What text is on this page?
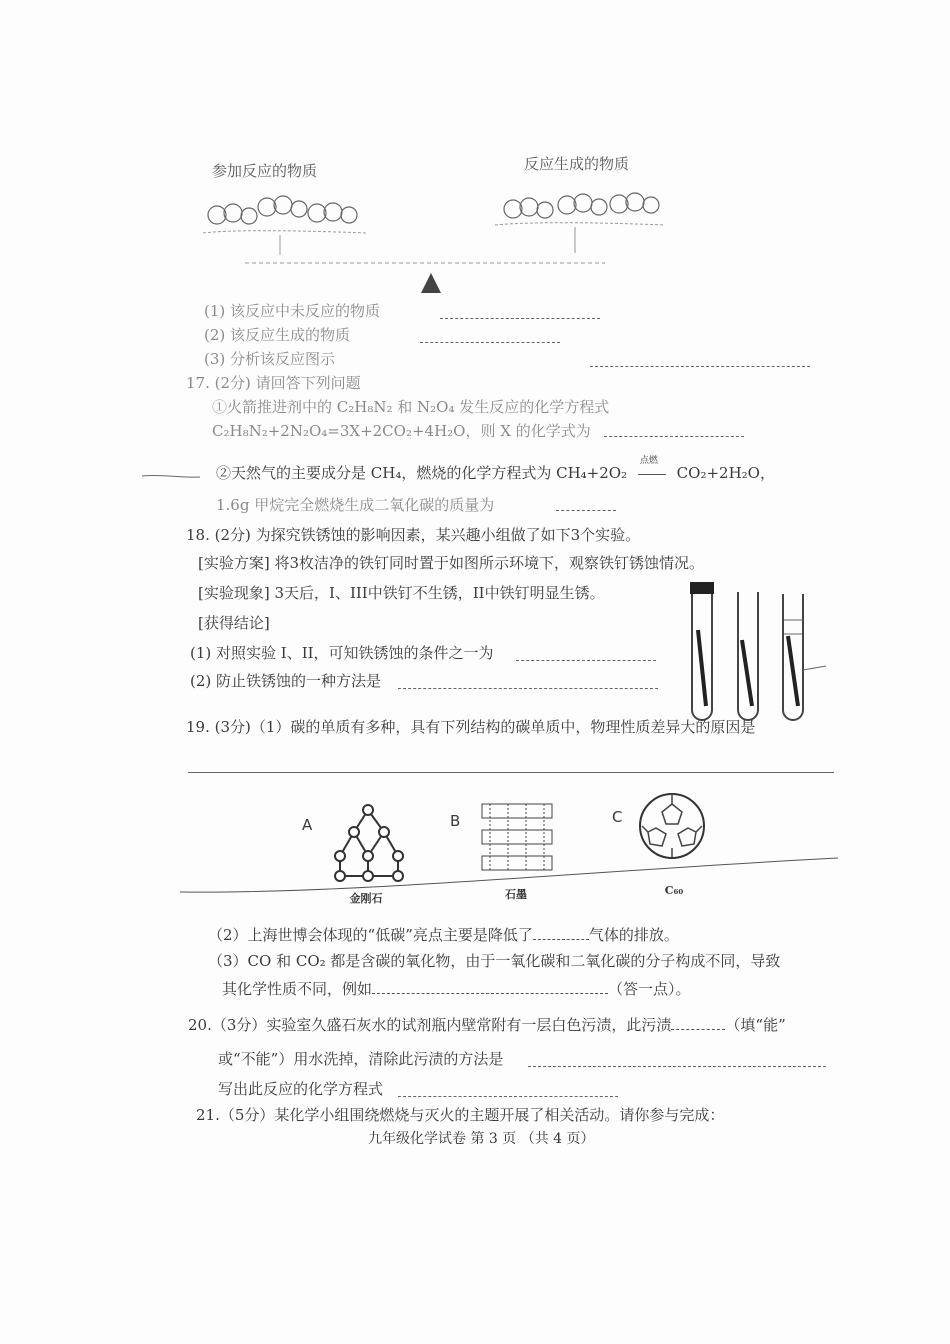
参加反应的物质	反应生成的物质
(1) 该反应中未反应的物质
(2) 该反应生成的物质
(3) 分析该反应图示
17. (2分) 请回答下列问题
①火箭推进剂中的 C₂H₈N₂ 和 N₂O₄ 发生反应的化学方程式
C₂H₈N₂+2N₂O₄=3X+2CO₂+4H₂O，则 X 的化学式为
②天然气的主要成分是 CH₄，燃烧的化学方程式为 CH₄+2O₂
点燃
CO₂+2H₂O，
1.6g 甲烷完全燃烧生成二氧化碳的质量为
18. (2分) 为探究铁锈蚀的影响因素，某兴趣小组做了如下3个实验。
[实验方案] 将3枚洁净的铁钉同时置于如图所示环境下，观察铁钉锈蚀情况。
[实验现象] 3天后，I、III中铁钉不生锈，II中铁钉明显生锈。
[获得结论]
(1) 对照实验 I、II，可知铁锈蚀的条件之一为
(2) 防止铁锈蚀的一种方法是
19. (3分)（1）碳的单质有多种，具有下列结构的碳单质中，物理性质差异大的原因是
A	B	C
金刚石	石墨	C₆₀
（2）上海世博会体现的“低碳”亮点主要是降低了	气体的排放。
（3）CO 和 CO₂ 都是含碳的氧化物，由于一氧化碳和二氧化碳的分子构成不同，导致
其化学性质不同，例如	（答一点）。
20.（3分）实验室久盛石灰水的试剂瓶内壁常附有一层白色污渍，此污渍	（填“能”
或“不能”）用水洗掉，清除此污渍的方法是
写出此反应的化学方程式
21.（5分）某化学小组围绕燃烧与灭火的主题开展了相关活动。请你参与完成：
九年级化学试卷 第 3 页 （共 4 页）
